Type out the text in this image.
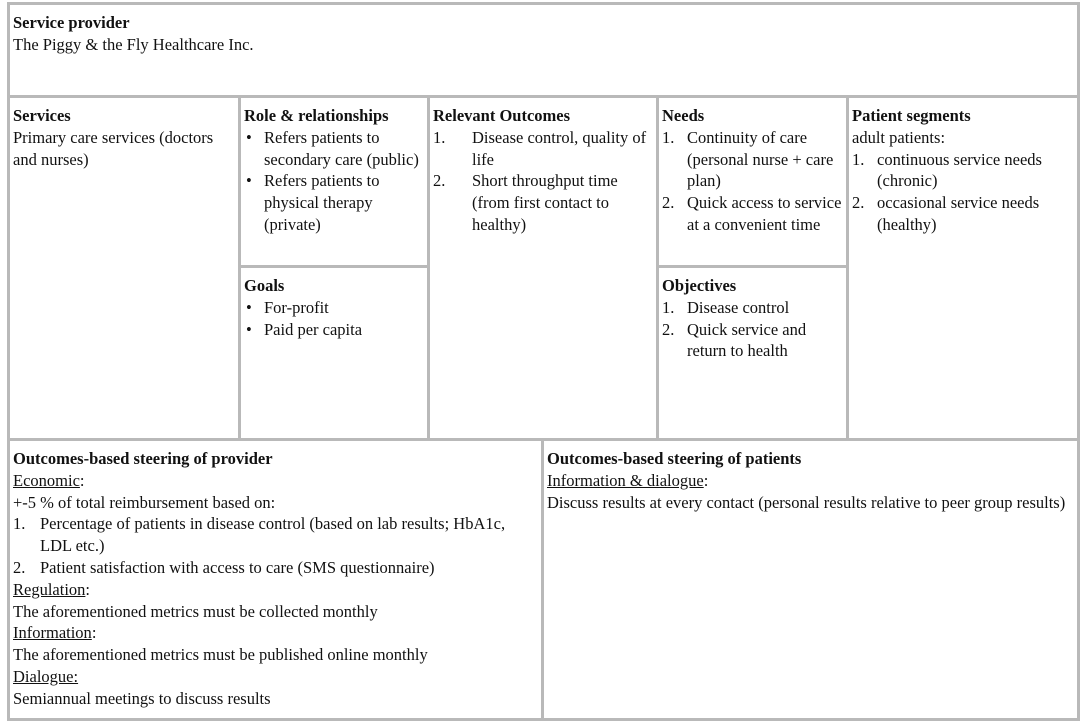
Service provider
The Piggy & the Fly Healthcare Inc.
Services
Primary care services (doctors and nurses)
Role & relationships
• Refers patients to secondary care (public)
• Refers patients to physical therapy (private)
Goals
• For-profit
• Paid per capita
Relevant Outcomes
1. Disease control, quality of life
2. Short throughput time (from first contact to healthy)
Needs
1. Continuity of care (personal nurse + care plan)
2. Quick access to service at a convenient time
Objectives
1. Disease control
2. Quick service and return to health
Patient segments
adult patients:
1. continuous service needs (chronic)
2. occasional service needs (healthy)
Outcomes-based steering of provider
Economic:
+-5 % of total reimbursement based on:
1. Percentage of patients in disease control (based on lab results; HbA1c, LDL etc.)
2. Patient satisfaction with access to care (SMS questionnaire)
Regulation:
The aforementioned metrics must be collected monthly
Information:
The aforementioned metrics must be published online monthly
Dialogue:
Semiannual meetings to discuss results
Outcomes-based steering of patients
Information & dialogue:
Discuss results at every contact (personal results relative to peer group results)
